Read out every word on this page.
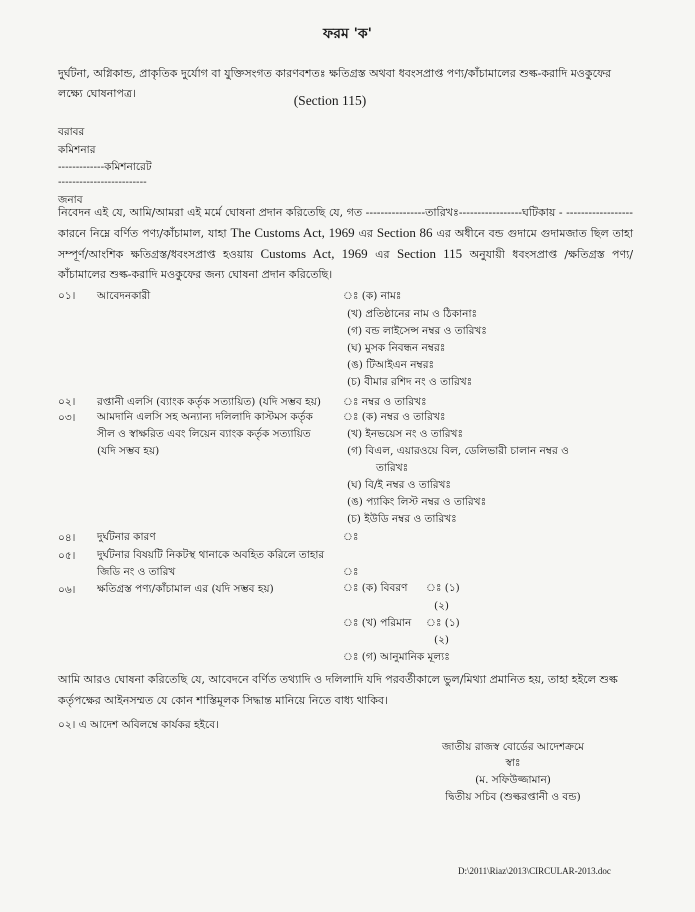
ফরম 'ক'
দুর্ঘটনা, অগ্নিকান্ড, প্রাকৃতিক দুর্যোগ বা যুক্তিসংগত কারণবশতঃ ক্ষতিগ্রস্ত অথবা ধবংসপ্রাপ্ত পণ্য/কাঁচামালের শুল্ক-করাদি মওকুফের লক্ষ্যে ঘোষনাপত্র।	(Section 115)
বরাবর
কমিশনার
-------------কমিশনারেট
-------------------------
জনাব
নিবেদন এই যে, আমি/আমরা এই মর্মে ঘোষনা প্রদান করিতেছি যে, গত ----------------তারিখঃ-----------------ঘটিকায় - ------------------ কারনে নিম্নে বর্ণিত পণ্য/কাঁচামাল, যাহা The Customs Act, 1969 এর Section 86 এর অধীনে বন্ড গুদামে গুদামজাত ছিল তাহা সম্পূর্ণ/আংশিক ক্ষতিগ্রস্ত/ধবংসপ্রাপ্ত হওয়ায় Customs Act, 1969 এর Section 115 অনুযায়ী ধবংসপ্রাপ্ত /ক্ষতিগ্রস্ত পণ্য/কাঁচামালের শুল্ক-করাদি মওকুফের জন্য ঘোষনা প্রদান করিতেছি।
০১। আবেদনকারী	ঃ (ক) নামঃ
(খ) প্রতিষ্ঠানের নাম ও ঠিকানাঃ
(গ) বন্ড লাইসেন্স নম্বর ও তারিখঃ
(ঘ) মুসক নিবন্ধন নম্বরঃ
(ঙ) টিআইএন নম্বরঃ
(চ) বীমার রশিদ নং ও তারিখঃ
০২। রপ্তানী এলসি (ব্যাংক কর্তৃক সত্যায়িত) (যদি সম্ভব হয়) ঃ নম্বর ও তারিখঃ
০৩। আমদানি এলসি সহ অন্যান্য দলিলাদি কাস্টমস কর্তৃক
সীল ও স্বাক্ষরিত এবং লিয়েন ব্যাংক কর্তৃক সত্যায়িত
(যদি সম্ভব হয়)
ঃ (ক) নম্বর ও তারিখঃ
(খ) ইনভয়েস নং ও তারিখঃ
(গ) বিএল, এয়ারওয়ে বিল, ডেলিভারী চালান নম্বর ও
তারিখঃ
(ঘ) বি/ই নম্বর ও তারিখঃ
(ঙ) প্যাকিং লিস্ট নম্বর ও তারিখঃ
(চ) ইউডি নম্বর ও তারিখঃ
০৪। দুর্ঘটনার কারণ	ঃ
০৫। দুর্ঘটনার বিষয়টি নিকটস্থ থানাকে অবহিত করিলে তাহার
জিডি নং ও তারিখ	ঃ
০৬। ক্ষতিগ্রস্ত পণ্য/কাঁচামাল এর (যদি সম্ভব হয়)	ঃ (ক) বিবরণ ঃ (১)
(২)
ঃ (খ) পরিমান ঃ (১)
(২)
ঃ (গ) আনুমানিক মূল্যঃ
আমি আরও ঘোষনা করিতেছি যে, আবেদনে বর্ণিত তথ্যাদি ও দলিলাদি যদি পরবর্তীকালে ভুল/মিথ্যা প্রমানিত হয়, তাহা হইলে শুল্ক কর্তৃপক্ষের আইনসম্মত যে কোন শাস্তিমূলক সিদ্ধান্ত মানিয়ে নিতে বাধ্য থাকিব।
০২। এ আদেশ অবিলম্বে কার্যকর হইবে।
জাতীয় রাজস্ব বোর্ডের আদেশক্রমে
স্বাঃ
(ম. সফিউজ্জামান)
দ্বিতীয় সচিব (শুল্করপ্তানী ও বন্ড)
D:\2011\Riaz\2013\CIRCULAR-2013.doc
